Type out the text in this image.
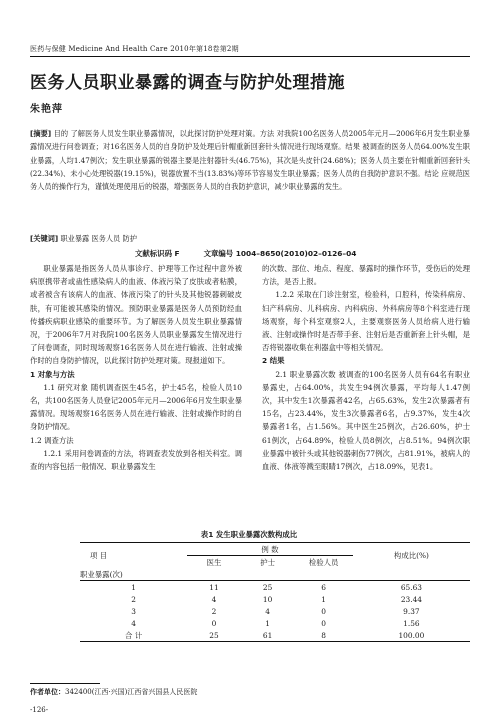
医药与保健 Medicine And Health Care 2010年第18卷第2期
医务人员职业暴露的调查与防护处理措施
朱艳萍
[摘要] 目的 了解医务人员发生职业暴露情况，以此探讨防护处理对策。方法 对我院100名医务人员2005年元月—2006年6月发生职业暴露情况进行问卷调查；对16名医务人员的自身防护及处理后针帽重新回套针头情况进行现场观察。结果 被调查的医务人员64.00%发生职业暴露，人均1.47例次；发生职业暴露的锐器主要是注射器针头(46.75%)，其次是头皮针(24.68%)；医务人员主要在针帽重新回套针头(22.34%)、未小心处理锐器(19.15%)，锐器放置不当(13.83%)等环节容易发生职业暴露；医务人员的自我防护意识不强。结论 应规范医务人员的操作行为，谨慎处理使用后的锐器，增强医务人员的自我防护意识，减少职业暴露的发生。
[关键词] 职业暴露 医务人员 防护
文献标识码 F	文章编号 1004–8650(2010)02–0126–04

职业暴露是指医务人员从事诊疗、护理等工作过程中意外被病原携带者或蛊性感染病人的血液、体液污染了皮肤或者粘膜，或者被含有该病人的血液、体液污染了的针头及其他锐器刺破皮肤，有可能被其感染的情况。预防职业暴露是医务人员预防经血传播疾病职业感染的重要环节。为了解医务人员发生职业暴露情况，于2006年7月对我院100名医务人员职业暴露发生情况进行了问卷调查，同时现场观察16名医务人员在进行输液、注射或操作时的自身防护情况，以此探讨防护处理对策。现报道如下。

1 对象与方法

1.1 研究对象 随机调查医生45名，护士45名，检验人员10名，共100名医务人员登记2005年元月—2006年6月发生职业暴露情况。现场观察16名医务人员在进行输液、注射或操作时的自身防护情况。

1.2 调查方法

1.2.1 采用问卷调查的方法，将调查表发放到各相关科室。调查的内容包括一般情况、职业暴露发生

的次数、部位、地点、程度、暴露时的操作环节，受伤后的处理方法，是否上报。

1.2.2 采取在门诊注射室，检验科，口腔科，传染科病房、妇产科病房、儿科病房、内科病房、外科病房等8个科室进行现场观察，每个科室观察2人，主要观察医务人员给病人进行输液、注射或操作时是否带手套、注射后是否重新套上针头帽，是否将锐器收集在利器盒中等相关情况。

2 结果

2.1 职业暴露次数 被调查的100名医务人员有64名有职业暴露史，占64.00%，共发生94例次暴露，平均每人1.47例次，其中发生1次暴露者42名，占65.63%，发生2次暴露者有15名，占23.44%，发生3次暴露者6名，占9.37%，发生4次暴露者1名，占1.56%。其中医生25例次，占26.60%，护士61例次，占64.89%，检验人员8例次，占8.51%。94例次职业暴露中被针头或其他锐器刺伤77例次，占81.91%，被病人的血液、体液等溅至眼睛17例次，占18.09%，见表1。

表1 发生职业暴露次数构成比
项 目	例 数			构成比(%)
	医生	护士	检验人员	
职业暴露(次)				
1	11	25	6	65.63
2	4	10	1	23.44
3	2	4	0	9.37
4	0	1	0	1.56
合 计	25	61	8	100.00
作者单位：342400(江西·兴国)江西省兴国县人民医院
-126-
